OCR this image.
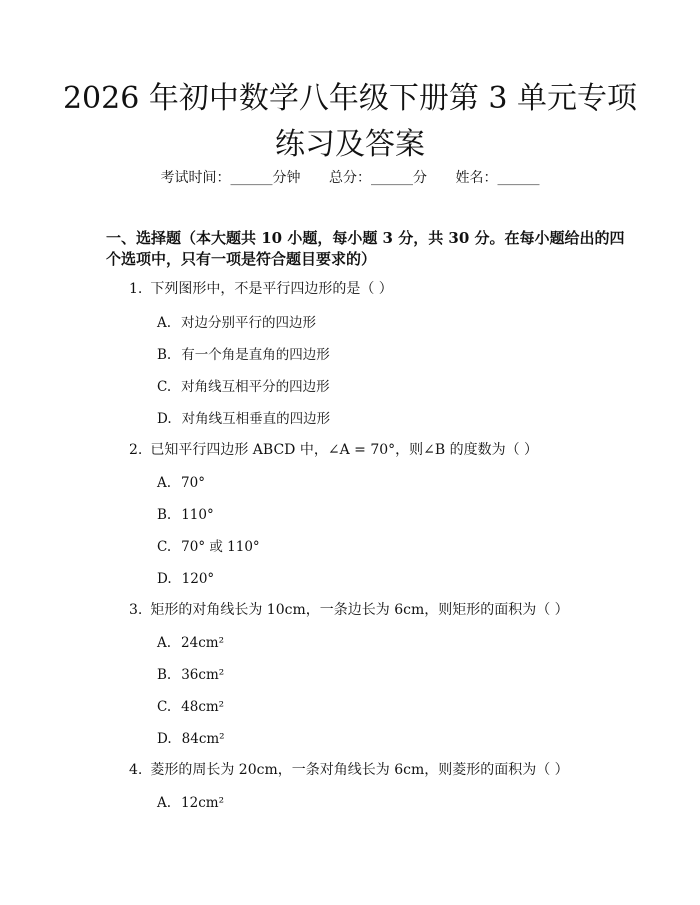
2026 年初中数学八年级下册第 3 单元专项练习及答案
考试时间：______分钟 总分：______分 姓名：______
一、选择题（本大题共 10 小题，每小题 3 分，共 30 分。在每小题给出的四个选项中，只有一项是符合题目要求的）
1. 下列图形中，不是平行四边形的是（ ）
A. 对边分别平行的四边形
B. 有一个角是直角的四边形
C. 对角线互相平分的四边形
D. 对角线互相垂直的四边形
2. 已知平行四边形 ABCD 中，∠A = 70°，则∠B 的度数为（ ）
A. 70°
B. 110°
C. 70° 或 110°
D. 120°
3. 矩形的对角线长为 10cm，一条边长为 6cm，则矩形的面积为（ ）
A. 24cm²
B. 36cm²
C. 48cm²
D. 84cm²
4. 菱形的周长为 20cm，一条对角线长为 6cm，则菱形的面积为（ ）
A. 12cm²
